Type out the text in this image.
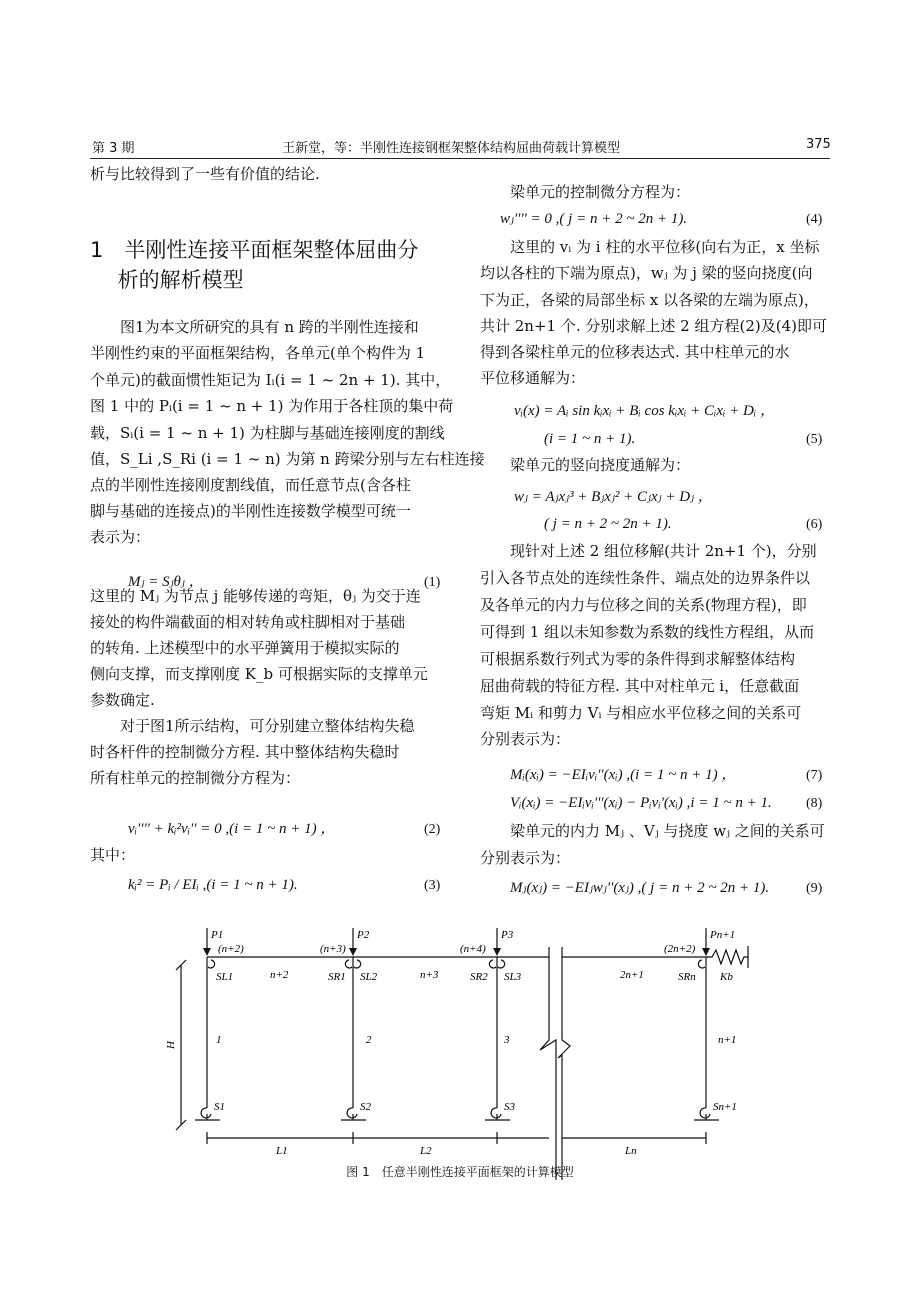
第 3 期	王新堂，等：半刚性连接钢框架整体结构屈曲荷载计算模型	375
析与比较得到了一些有价值的结论.
1　半刚性连接平面框架整体屈曲分
　 析的解析模型
　　图1为本文所研究的具有 n 跨的半刚性连接和
半刚性约束的平面框架结构，各单元(单个构件为 1
个单元)的截面惯性矩记为 Iᵢ(i = 1 ~ 2n + 1). 其中，
图 1 中的 Pᵢ(i = 1 ~ n + 1) 为作用于各柱顶的集中荷
载，Sᵢ(i = 1 ~ n + 1) 为柱脚与基础连接刚度的割线
值，S_Li ,S_Ri (i = 1 ~ n) 为第 n 跨梁分别与左右柱连接
点的半刚性连接刚度割线值，而任意节点(含各柱
脚与基础的连接点)的半刚性连接数学模型可统一
表示为：
Mⱼ = Sⱼθⱼ ，	(1)
这里的 Mⱼ 为节点 j 能够传递的弯矩，θⱼ 为交于连
接处的构件端截面的相对转角或柱脚相对于基础
的转角. 上述模型中的水平弹簧用于模拟实际的
侧向支撑，而支撑刚度 K_b 可根据实际的支撑单元
参数确定.
　　对于图1所示结构，可分别建立整体结构失稳
时各杆件的控制微分方程. 其中整体结构失稳时
所有柱单元的控制微分方程为：
vᵢ'''' + kᵢ²vᵢ'' = 0 ,(i = 1 ~ n + 1) ，	(2)
其中：
kᵢ² = Pᵢ / EIᵢ ,(i = 1 ~ n + 1).	(3)
　　梁单元的控制微分方程为：
wⱼ'''' = 0 ,( j = n + 2 ~ 2n + 1).	(4)
　　这里的 vᵢ 为 i 柱的水平位移(向右为正，x 坐标
均以各柱的下端为原点)，wⱼ 为 j 梁的竖向挠度(向
下为正，各梁的局部坐标 x 以各梁的左端为原点)，
共计 2n+1 个. 分别求解上述 2 组方程(2)及(4)即可
得到各梁柱单元的位移表达式. 其中柱单元的水
平位移通解为：
vᵢ(x) = Aᵢ sin kᵢxᵢ + Bᵢ cos kᵢxᵢ + Cᵢxᵢ + Dᵢ ，
(i = 1 ~ n + 1).	(5)
　　梁单元的竖向挠度通解为：
wⱼ = Aⱼxⱼ³ + Bⱼxⱼ² + Cⱼxⱼ + Dⱼ ，
( j = n + 2 ~ 2n + 1).	(6)
　　现针对上述 2 组位移解(共计 2n+1 个)，分别
引入各节点处的连续性条件、端点处的边界条件以
及各单元的内力与位移之间的关系(物理方程)，即
可得到 1 组以未知参数为系数的线性方程组，从而
可根据系数行列式为零的条件得到求解整体结构
屈曲荷载的特征方程. 其中对柱单元 i，任意截面
弯矩 Mᵢ 和剪力 Vᵢ 与相应水平位移之间的关系可
分别表示为：
Mᵢ(xᵢ) = −EIᵢvᵢ''(xᵢ) ,(i = 1 ~ n + 1) ，	(7)
Vᵢ(xᵢ) = −EIᵢvᵢ'''(xᵢ) − Pᵢvᵢ'(xᵢ) ,i = 1 ~ n + 1. (8)
　　梁单元的内力 Mⱼ 、Vⱼ 与挠度 wⱼ 之间的关系可
分别表示为：
Mⱼ(xⱼ) = −EIⱼwⱼ''(xⱼ) ,( j = n + 2 ~ 2n + 1).	(9)
P1	P2	P3	Pn+1
(n+2)	(n+3)	(n+4)	(2n+2)
n+2	n+3	2n+1
SL1	SR1 SL2	SR2 SL3	SRn Kb
1	2	3	n+1
S1	S2	S3	Sn+1
H
L1	L2	Ln
图 1　任意半刚性连接平面框架的计算模型
